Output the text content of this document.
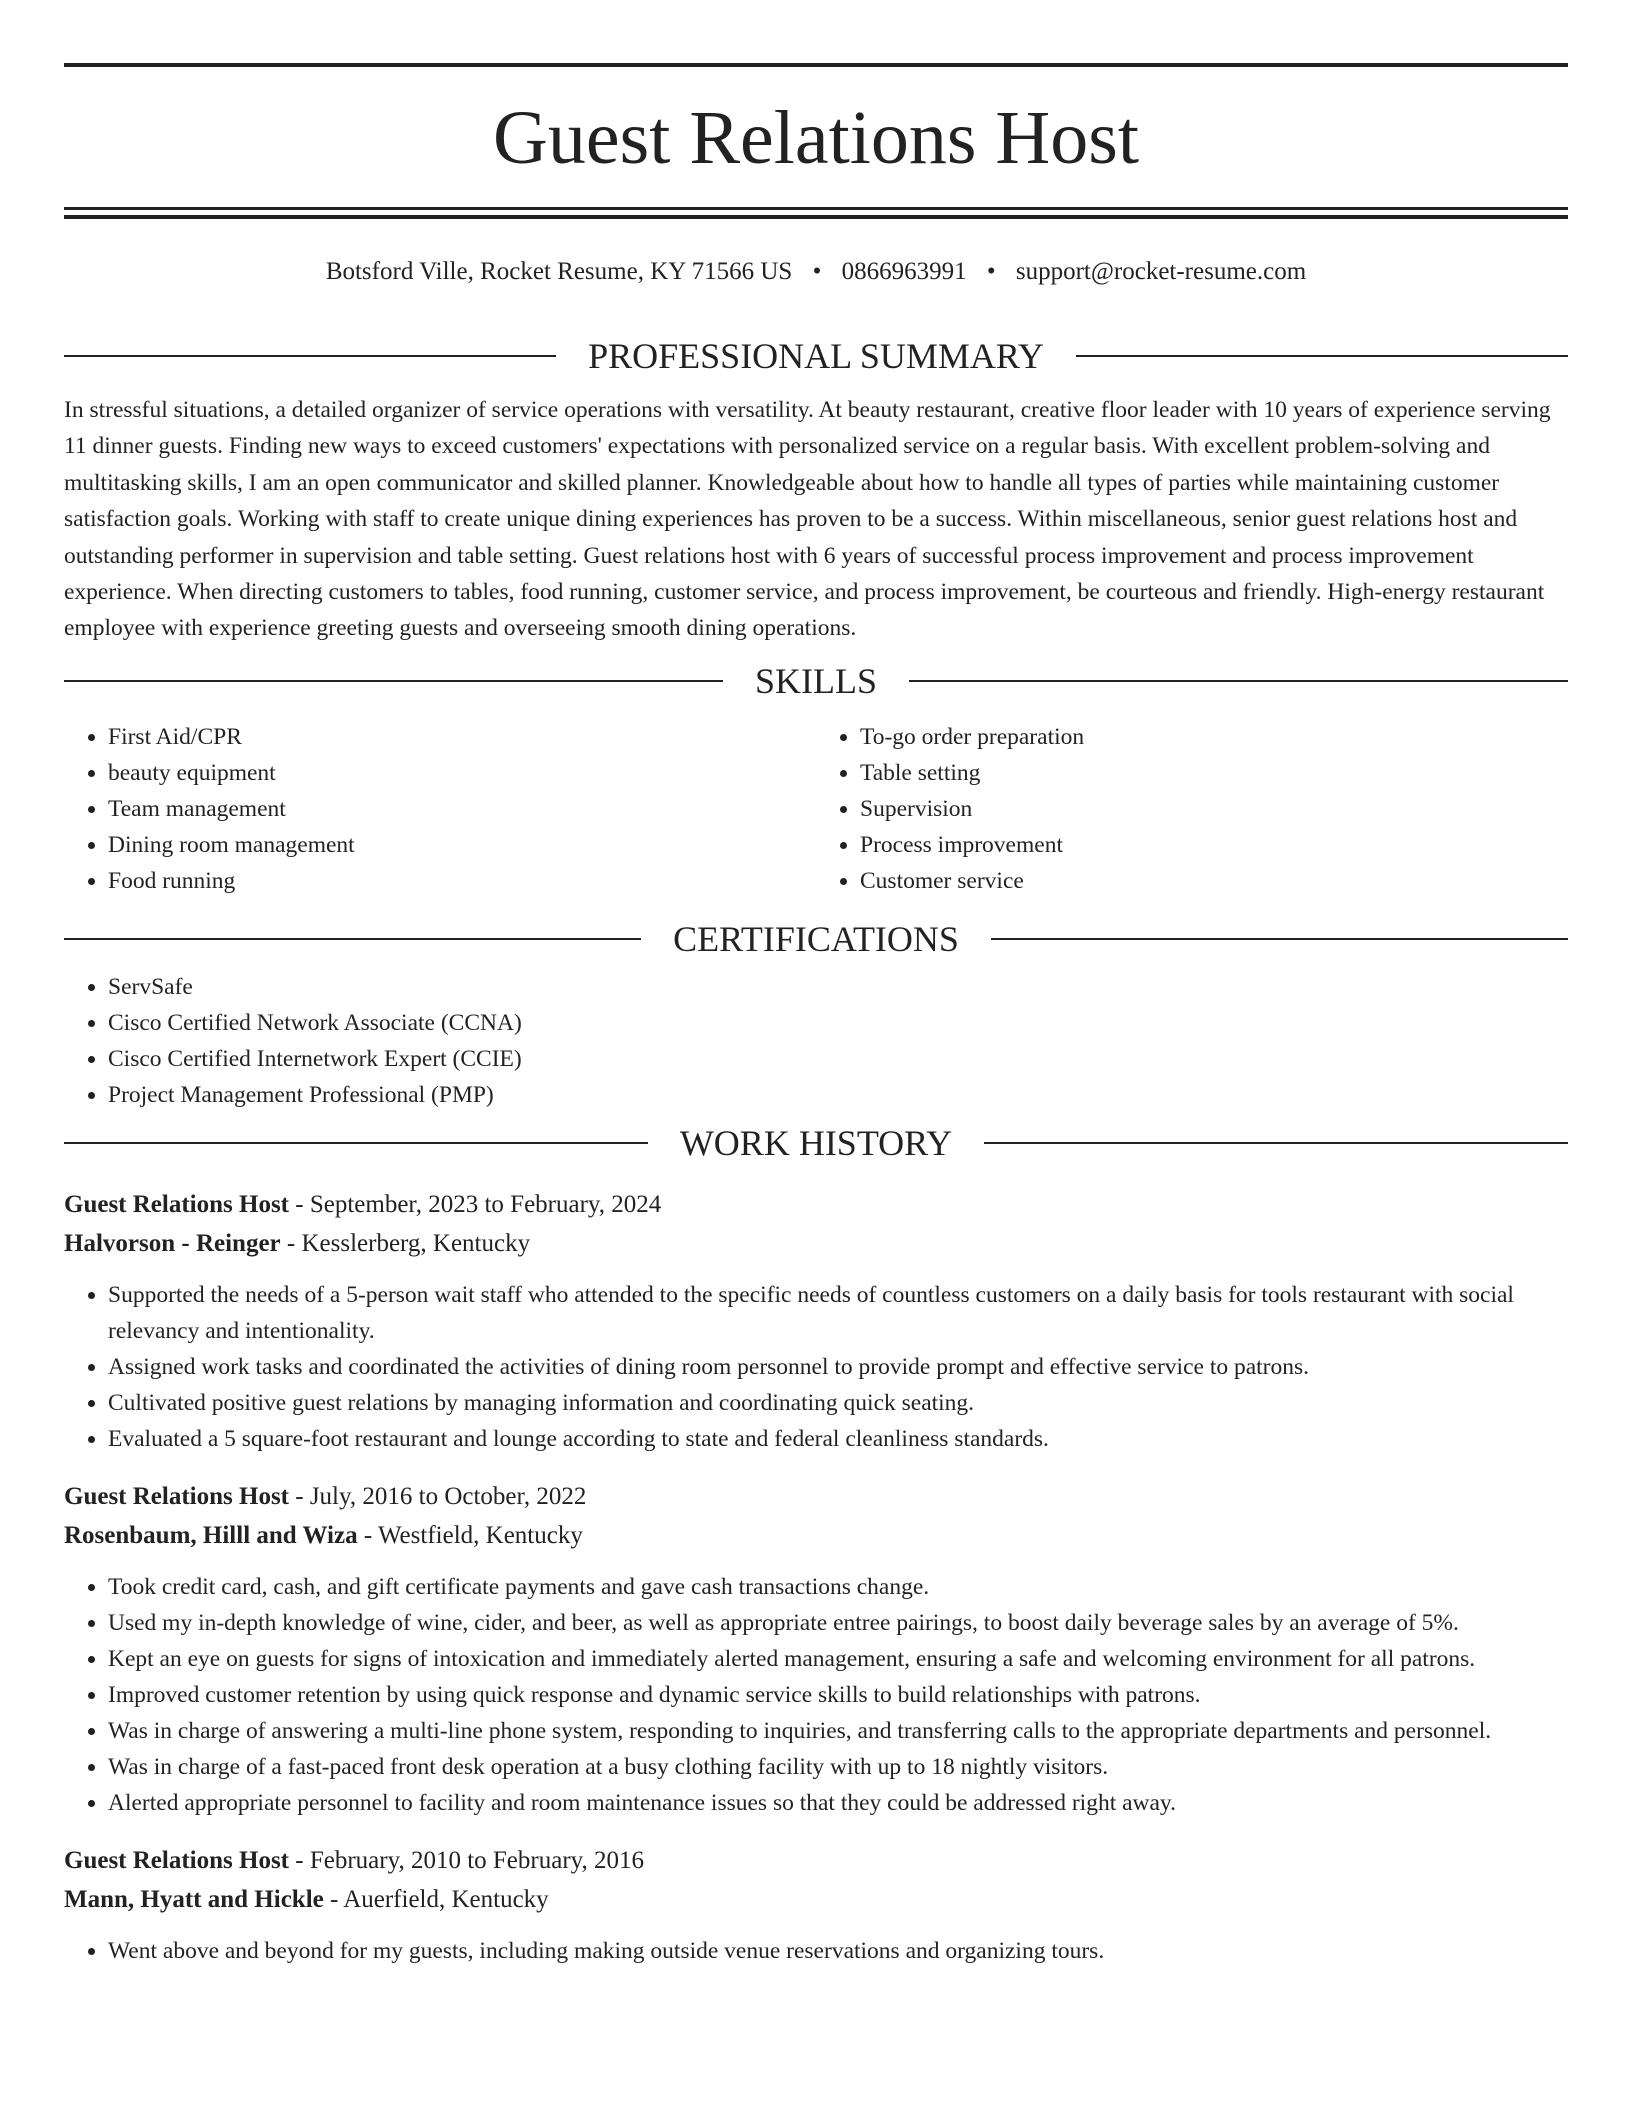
Guest Relations Host
Botsford Ville, Rocket Resume, KY 71566 US • 0866963991 • support@rocket-resume.com
PROFESSIONAL SUMMARY
In stressful situations, a detailed organizer of service operations with versatility. At beauty restaurant, creative floor leader with 10 years of experience serving 11 dinner guests. Finding new ways to exceed customers' expectations with personalized service on a regular basis. With excellent problem-solving and multitasking skills, I am an open communicator and skilled planner. Knowledgeable about how to handle all types of parties while maintaining customer satisfaction goals. Working with staff to create unique dining experiences has proven to be a success. Within miscellaneous, senior guest relations host and outstanding performer in supervision and table setting. Guest relations host with 6 years of successful process improvement and process improvement experience. When directing customers to tables, food running, customer service, and process improvement, be courteous and friendly. High-energy restaurant employee with experience greeting guests and overseeing smooth dining operations.
SKILLS
• First Aid/CPR
• beauty equipment
• Team management
• Dining room management
• Food running
• To-go order preparation
• Table setting
• Supervision
• Process improvement
• Customer service
CERTIFICATIONS
• ServSafe
• Cisco Certified Network Associate (CCNA)
• Cisco Certified Internetwork Expert (CCIE)
• Project Management Professional (PMP)
WORK HISTORY
Guest Relations Host - September, 2023 to February, 2024
Halvorson - Reinger - Kesslerberg, Kentucky
• Supported the needs of a 5-person wait staff who attended to the specific needs of countless customers on a daily basis for tools restaurant with social relevancy and intentionality.
• Assigned work tasks and coordinated the activities of dining room personnel to provide prompt and effective service to patrons.
• Cultivated positive guest relations by managing information and coordinating quick seating.
• Evaluated a 5 square-foot restaurant and lounge according to state and federal cleanliness standards.
Guest Relations Host - July, 2016 to October, 2022
Rosenbaum, Hilll and Wiza - Westfield, Kentucky
• Took credit card, cash, and gift certificate payments and gave cash transactions change.
• Used my in-depth knowledge of wine, cider, and beer, as well as appropriate entree pairings, to boost daily beverage sales by an average of 5%.
• Kept an eye on guests for signs of intoxication and immediately alerted management, ensuring a safe and welcoming environment for all patrons.
• Improved customer retention by using quick response and dynamic service skills to build relationships with patrons.
• Was in charge of answering a multi-line phone system, responding to inquiries, and transferring calls to the appropriate departments and personnel.
• Was in charge of a fast-paced front desk operation at a busy clothing facility with up to 18 nightly visitors.
• Alerted appropriate personnel to facility and room maintenance issues so that they could be addressed right away.
Guest Relations Host - February, 2010 to February, 2016
Mann, Hyatt and Hickle - Auerfield, Kentucky
• Went above and beyond for my guests, including making outside venue reservations and organizing tours.
